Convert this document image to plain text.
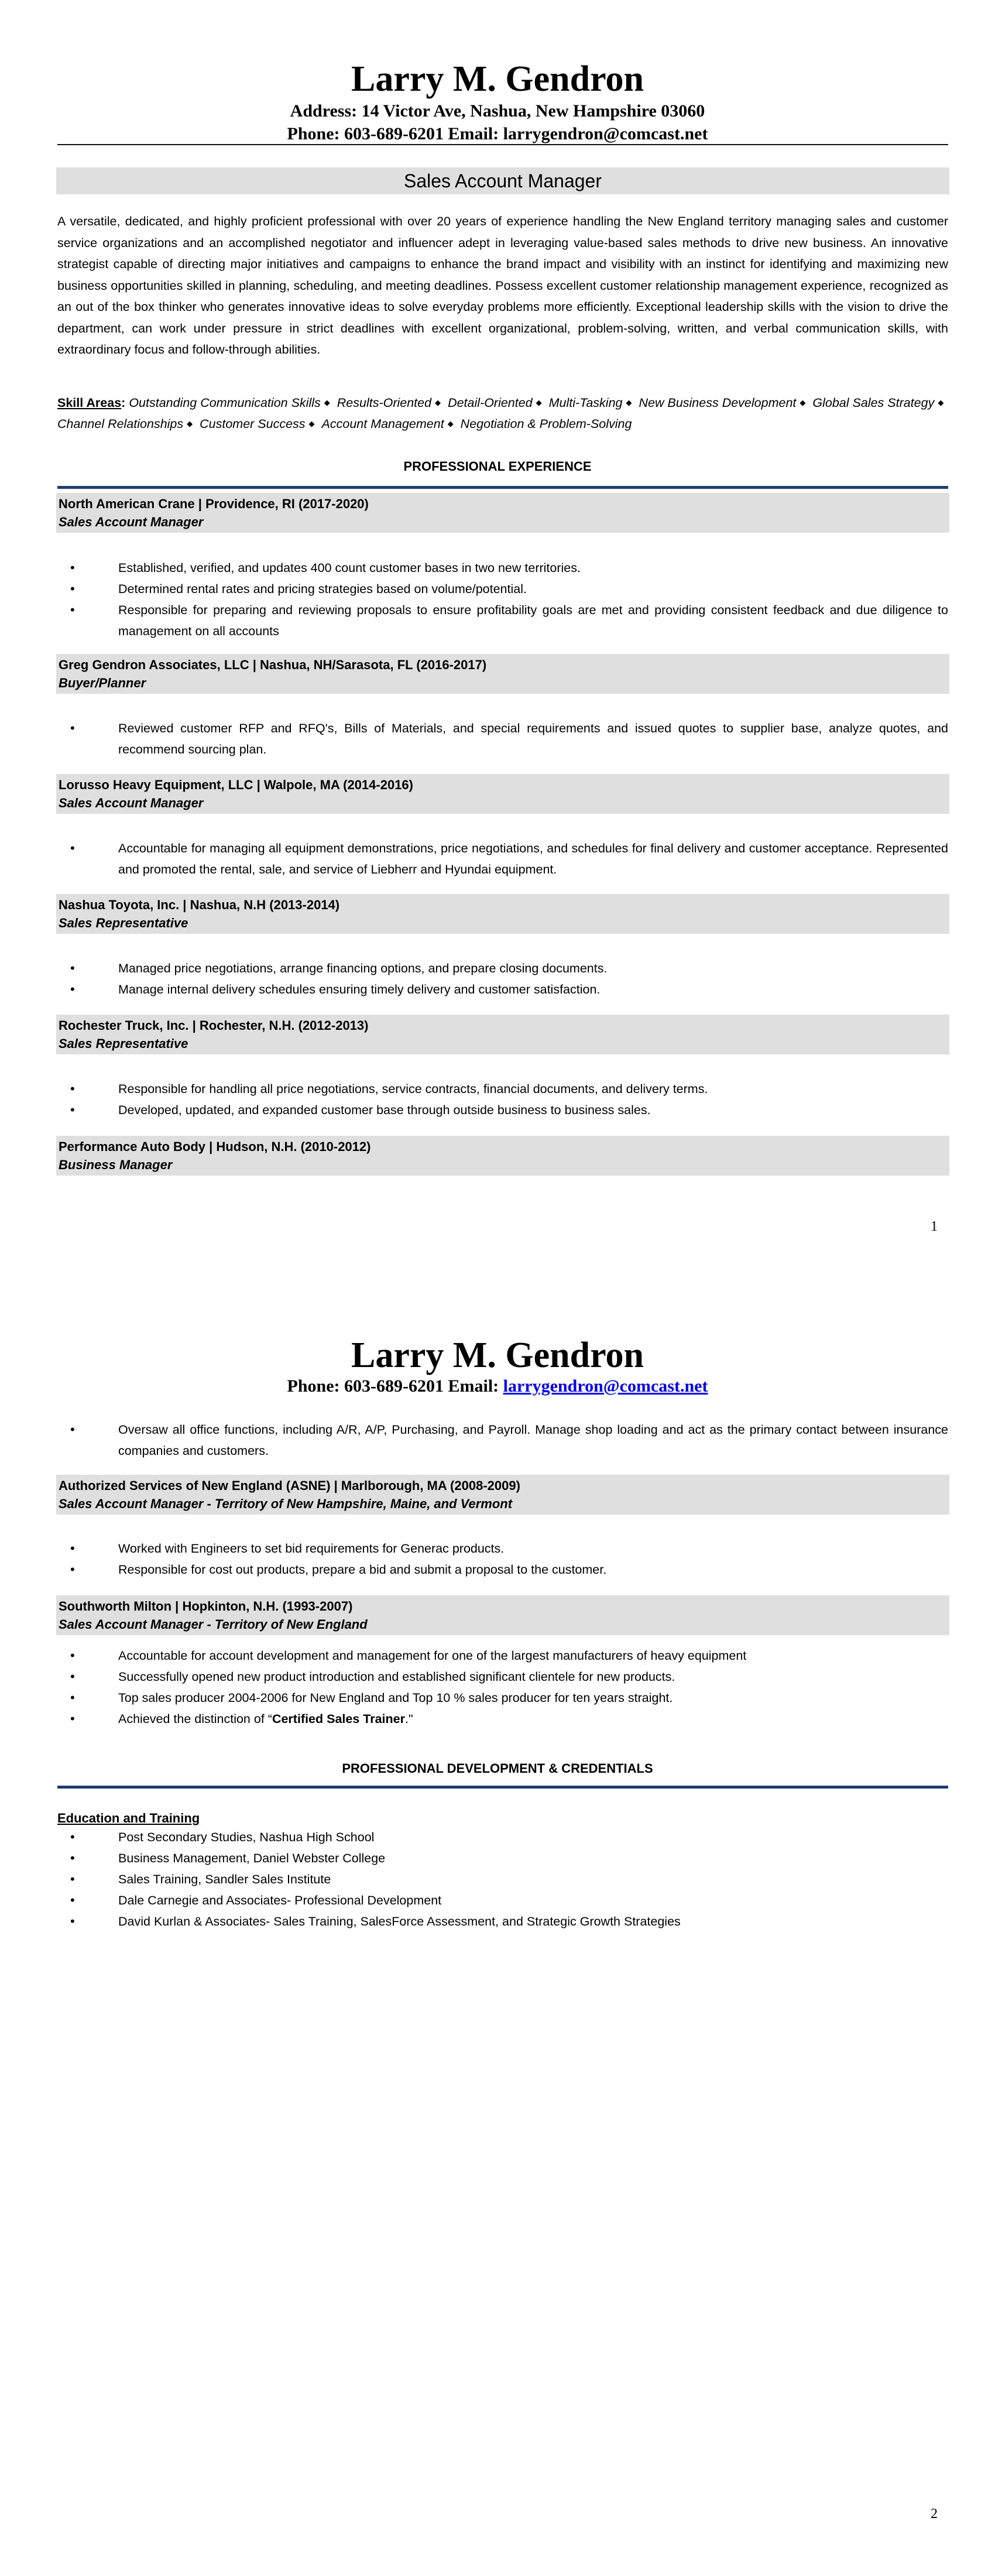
Larry M. Gendron
Address: 14 Victor Ave, Nashua, New Hampshire 03060
Phone: 603-689-6201 Email: larrygendron@comcast.net
Sales Account Manager
A versatile, dedicated, and highly proficient professional with over 20 years of experience handling the New England territory managing sales and customer service organizations and an accomplished negotiator and influencer adept in leveraging value-based sales methods to drive new business. An innovative strategist capable of directing major initiatives and campaigns to enhance the brand impact and visibility with an instinct for identifying and maximizing new business opportunities skilled in planning, scheduling, and meeting deadlines. Possess excellent customer relationship management experience, recognized as an out of the box thinker who generates innovative ideas to solve everyday problems more efficiently. Exceptional leadership skills with the vision to drive the department, can work under pressure in strict deadlines with excellent organizational, problem-solving, written, and verbal communication skills, with extraordinary focus and follow-through abilities.
Skill Areas: Outstanding Communication Skills ◆ Results-Oriented ◆ Detail-Oriented ◆ Multi-Tasking ◆ New Business Development ◆ Global Sales Strategy ◆ Channel Relationships ◆ Customer Success ◆ Account Management ◆ Negotiation & Problem-Solving
PROFESSIONAL EXPERIENCE
North American Crane | Providence, RI (2017-2020)
Sales Account Manager
•	Established, verified, and updates 400 count customer bases in two new territories.
•	Determined rental rates and pricing strategies based on volume/potential.
•	Responsible for preparing and reviewing proposals to ensure profitability goals are met and providing consistent feedback and due diligence to management on all accounts
Greg Gendron Associates, LLC | Nashua, NH/Sarasota, FL (2016-2017)
Buyer/Planner
•	Reviewed customer RFP and RFQ's, Bills of Materials, and special requirements and issued quotes to supplier base, analyze quotes, and recommend sourcing plan.
Lorusso Heavy Equipment, LLC | Walpole, MA (2014-2016)
Sales Account Manager
•	Accountable for managing all equipment demonstrations, price negotiations, and schedules for final delivery and customer acceptance. Represented and promoted the rental, sale, and service of Liebherr and Hyundai equipment.
Nashua Toyota, Inc. | Nashua, N.H (2013-2014)
Sales Representative
•	Managed price negotiations, arrange financing options, and prepare closing documents.
•	Manage internal delivery schedules ensuring timely delivery and customer satisfaction.
Rochester Truck, Inc. | Rochester, N.H. (2012-2013)
Sales Representative
•	Responsible for handling all price negotiations, service contracts, financial documents, and delivery terms.
•	Developed, updated, and expanded customer base through outside business to business sales.
Performance Auto Body | Hudson, N.H. (2010-2012)
Business Manager
1
Larry M. Gendron
Phone: 603-689-6201 Email: larrygendron@comcast.net
•	Oversaw all office functions, including A/R, A/P, Purchasing, and Payroll. Manage shop loading and act as the primary contact between insurance companies and customers.
Authorized Services of New England (ASNE) | Marlborough, MA (2008-2009)
Sales Account Manager - Territory of New Hampshire, Maine, and Vermont
•	Worked with Engineers to set bid requirements for Generac products.
•	Responsible for cost out products, prepare a bid and submit a proposal to the customer.
Southworth Milton | Hopkinton, N.H. (1993-2007)
Sales Account Manager - Territory of New England
•	Accountable for account development and management for one of the largest manufacturers of heavy equipment
•	Successfully opened new product introduction and established significant clientele for new products.
•	Top sales producer 2004-2006 for New England and Top 10 % sales producer for ten years straight.
•	Achieved the distinction of “Certified Sales Trainer."
PROFESSIONAL DEVELOPMENT & CREDENTIALS
Education and Training
•	Post Secondary Studies, Nashua High School
•	Business Management, Daniel Webster College
•	Sales Training, Sandler Sales Institute
•	Dale Carnegie and Associates- Professional Development
•	David Kurlan & Associates- Sales Training, SalesForce Assessment, and Strategic Growth Strategies
2
